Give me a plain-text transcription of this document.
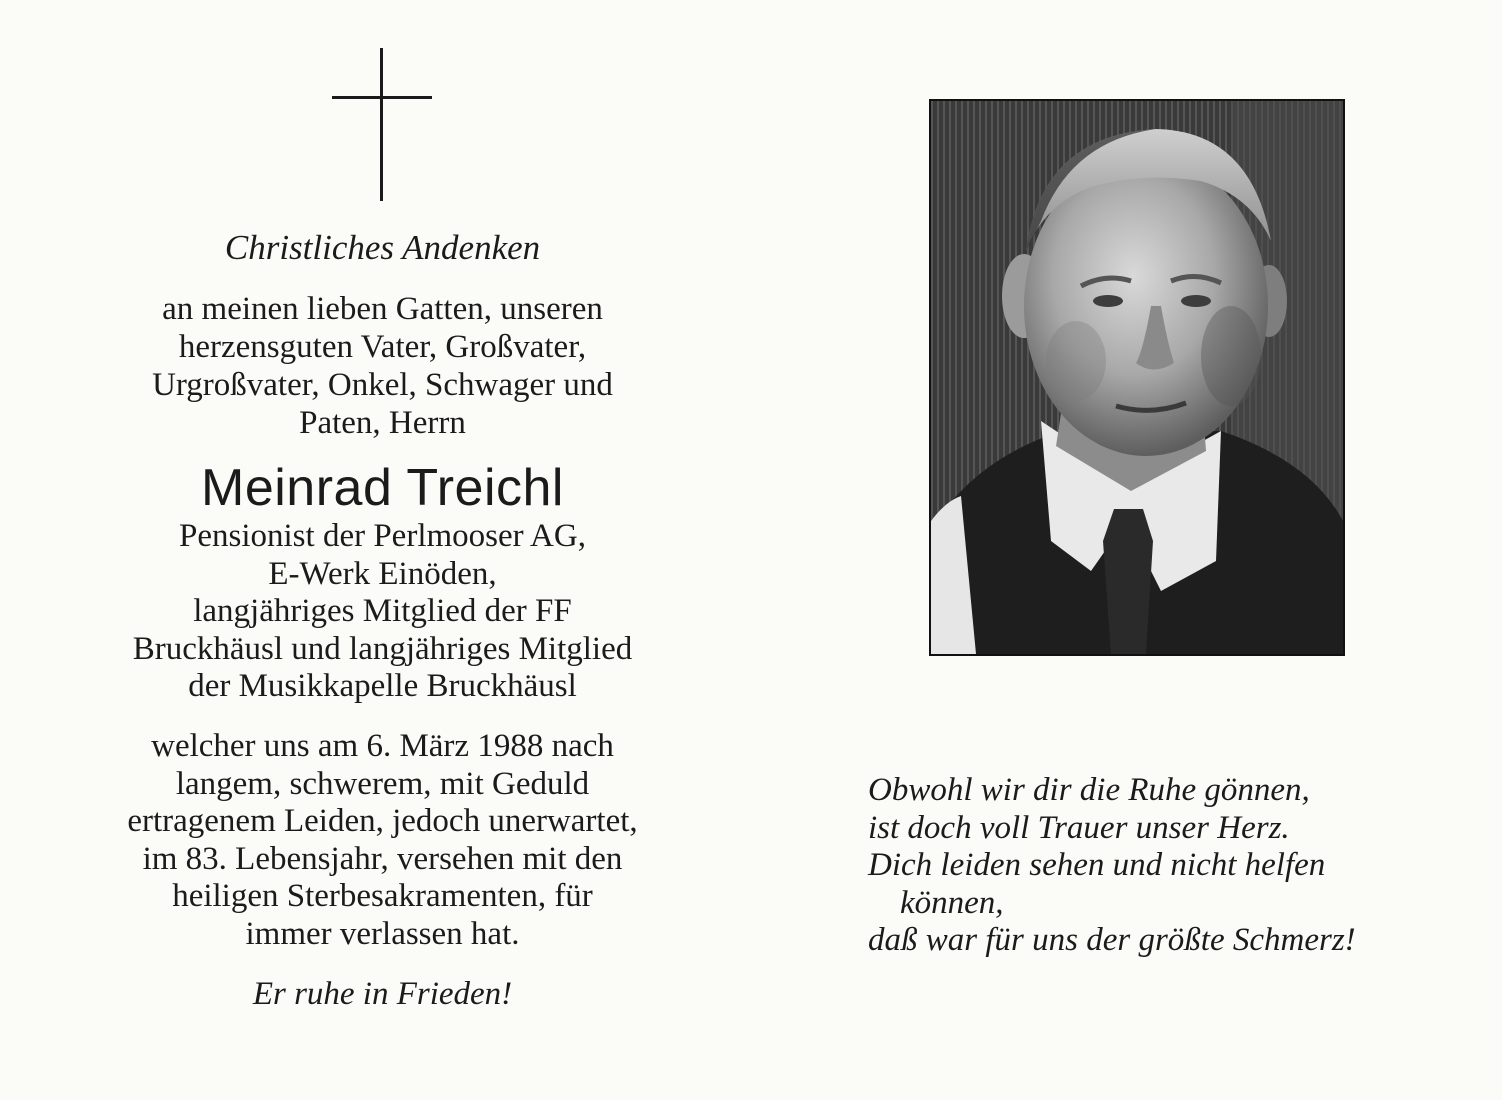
Christliches Andenken
an meinen lieben Gatten, unseren
herzensguten Vater, Großvater,
Urgroßvater, Onkel, Schwager und
Paten, Herrn
Meinrad Treichl
Pensionist der Perlmooser AG,
E-Werk Einöden,
langjähriges Mitglied der FF
Bruckhäusl und langjähriges Mitglied
der Musikkapelle Bruckhäusl
welcher uns am 6. März 1988 nach
langem, schwerem, mit Geduld
ertragenem Leiden, jedoch unerwartet,
im 83. Lebensjahr, versehen mit den
heiligen Sterbesakramenten, für
immer verlassen hat.
Er ruhe in Frieden!
Obwohl wir dir die Ruhe gönnen,
ist doch voll Trauer unser Herz.
Dich leiden sehen und nicht helfen
können,
daß war für uns der größte Schmerz!
